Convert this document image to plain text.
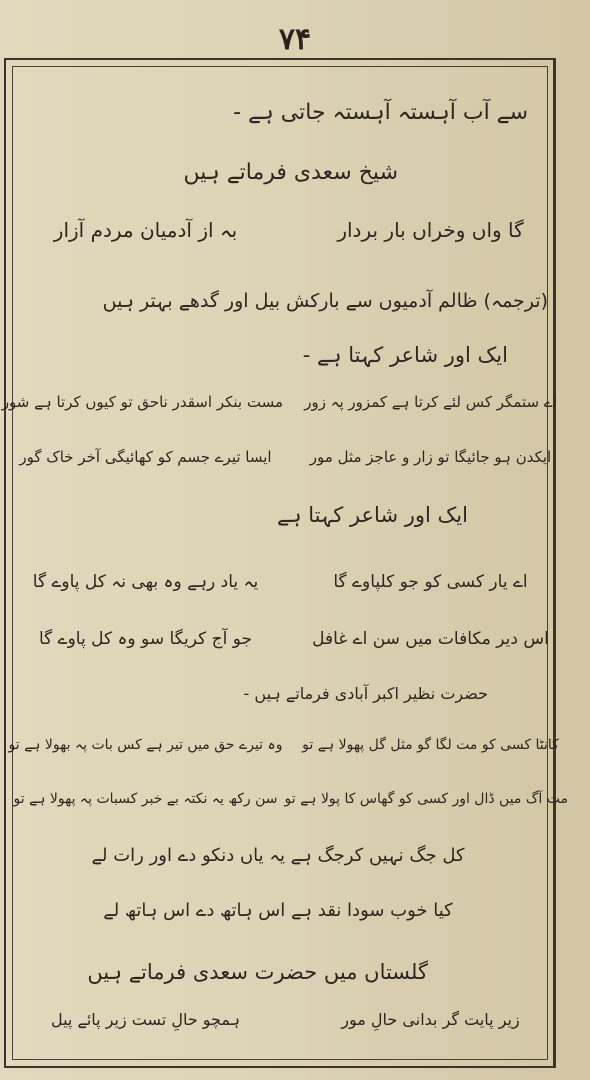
۷۴
سے آب آہستہ آہستہ جاتی ہے -
شیخ سعدی فرماتے ہیں
گا واں وخراں بار بردار
بہ از آدمیان مردم آزار
(ترجمہ) ظالم آدمیوں سے بارکش بیل اور گدھے بہتر ہیں
ایک اور شاعر کہتا ہے -
اے ستمگر کس لئے کرتا ہے کمزور پہ زور
مست بنکر اسقدر ناحق تو کیوں کرتا ہے شور
ایکدن ہو جائیگا تو زار و عاجز مثل مور
ایسا تیرے جسم کو کھائیگی آخر خاک گور
ایک اور شاعر کہتا ہے
اے یار کسی کو جو کلپاوے گا
یہ یاد رہے وہ بھی نہ کل پاوے گا
اس دیر مکافات میں سن اے غافل
جو آج کریگا سو وہ کل پاوے گا
حضرت نظیر اکبر آبادی فرماتے ہیں -
کانٹا کسی کو مت لگا گو مثل گل پھولا ہے تو
وہ تیرے حق میں تیر ہے کس بات پہ بھولا ہے تو
مت آگ میں ڈال اور کسی کو گھاس کا پولا ہے تو
سن رکھ یہ نکتہ بے خبر کسبات پہ پھولا ہے تو
کل جگ نہیں کرجگ ہے یہ یاں دنکو دے اور رات لے
کیا خوب سودا نقد ہے اس ہاتھ دے اس ہاتھ لے
گلستاں میں حضرت سعدی فرماتے ہیں
زیر پایت گر بدانی حالِ مور
ہمچو حالِ تست زیر پائے پیل
